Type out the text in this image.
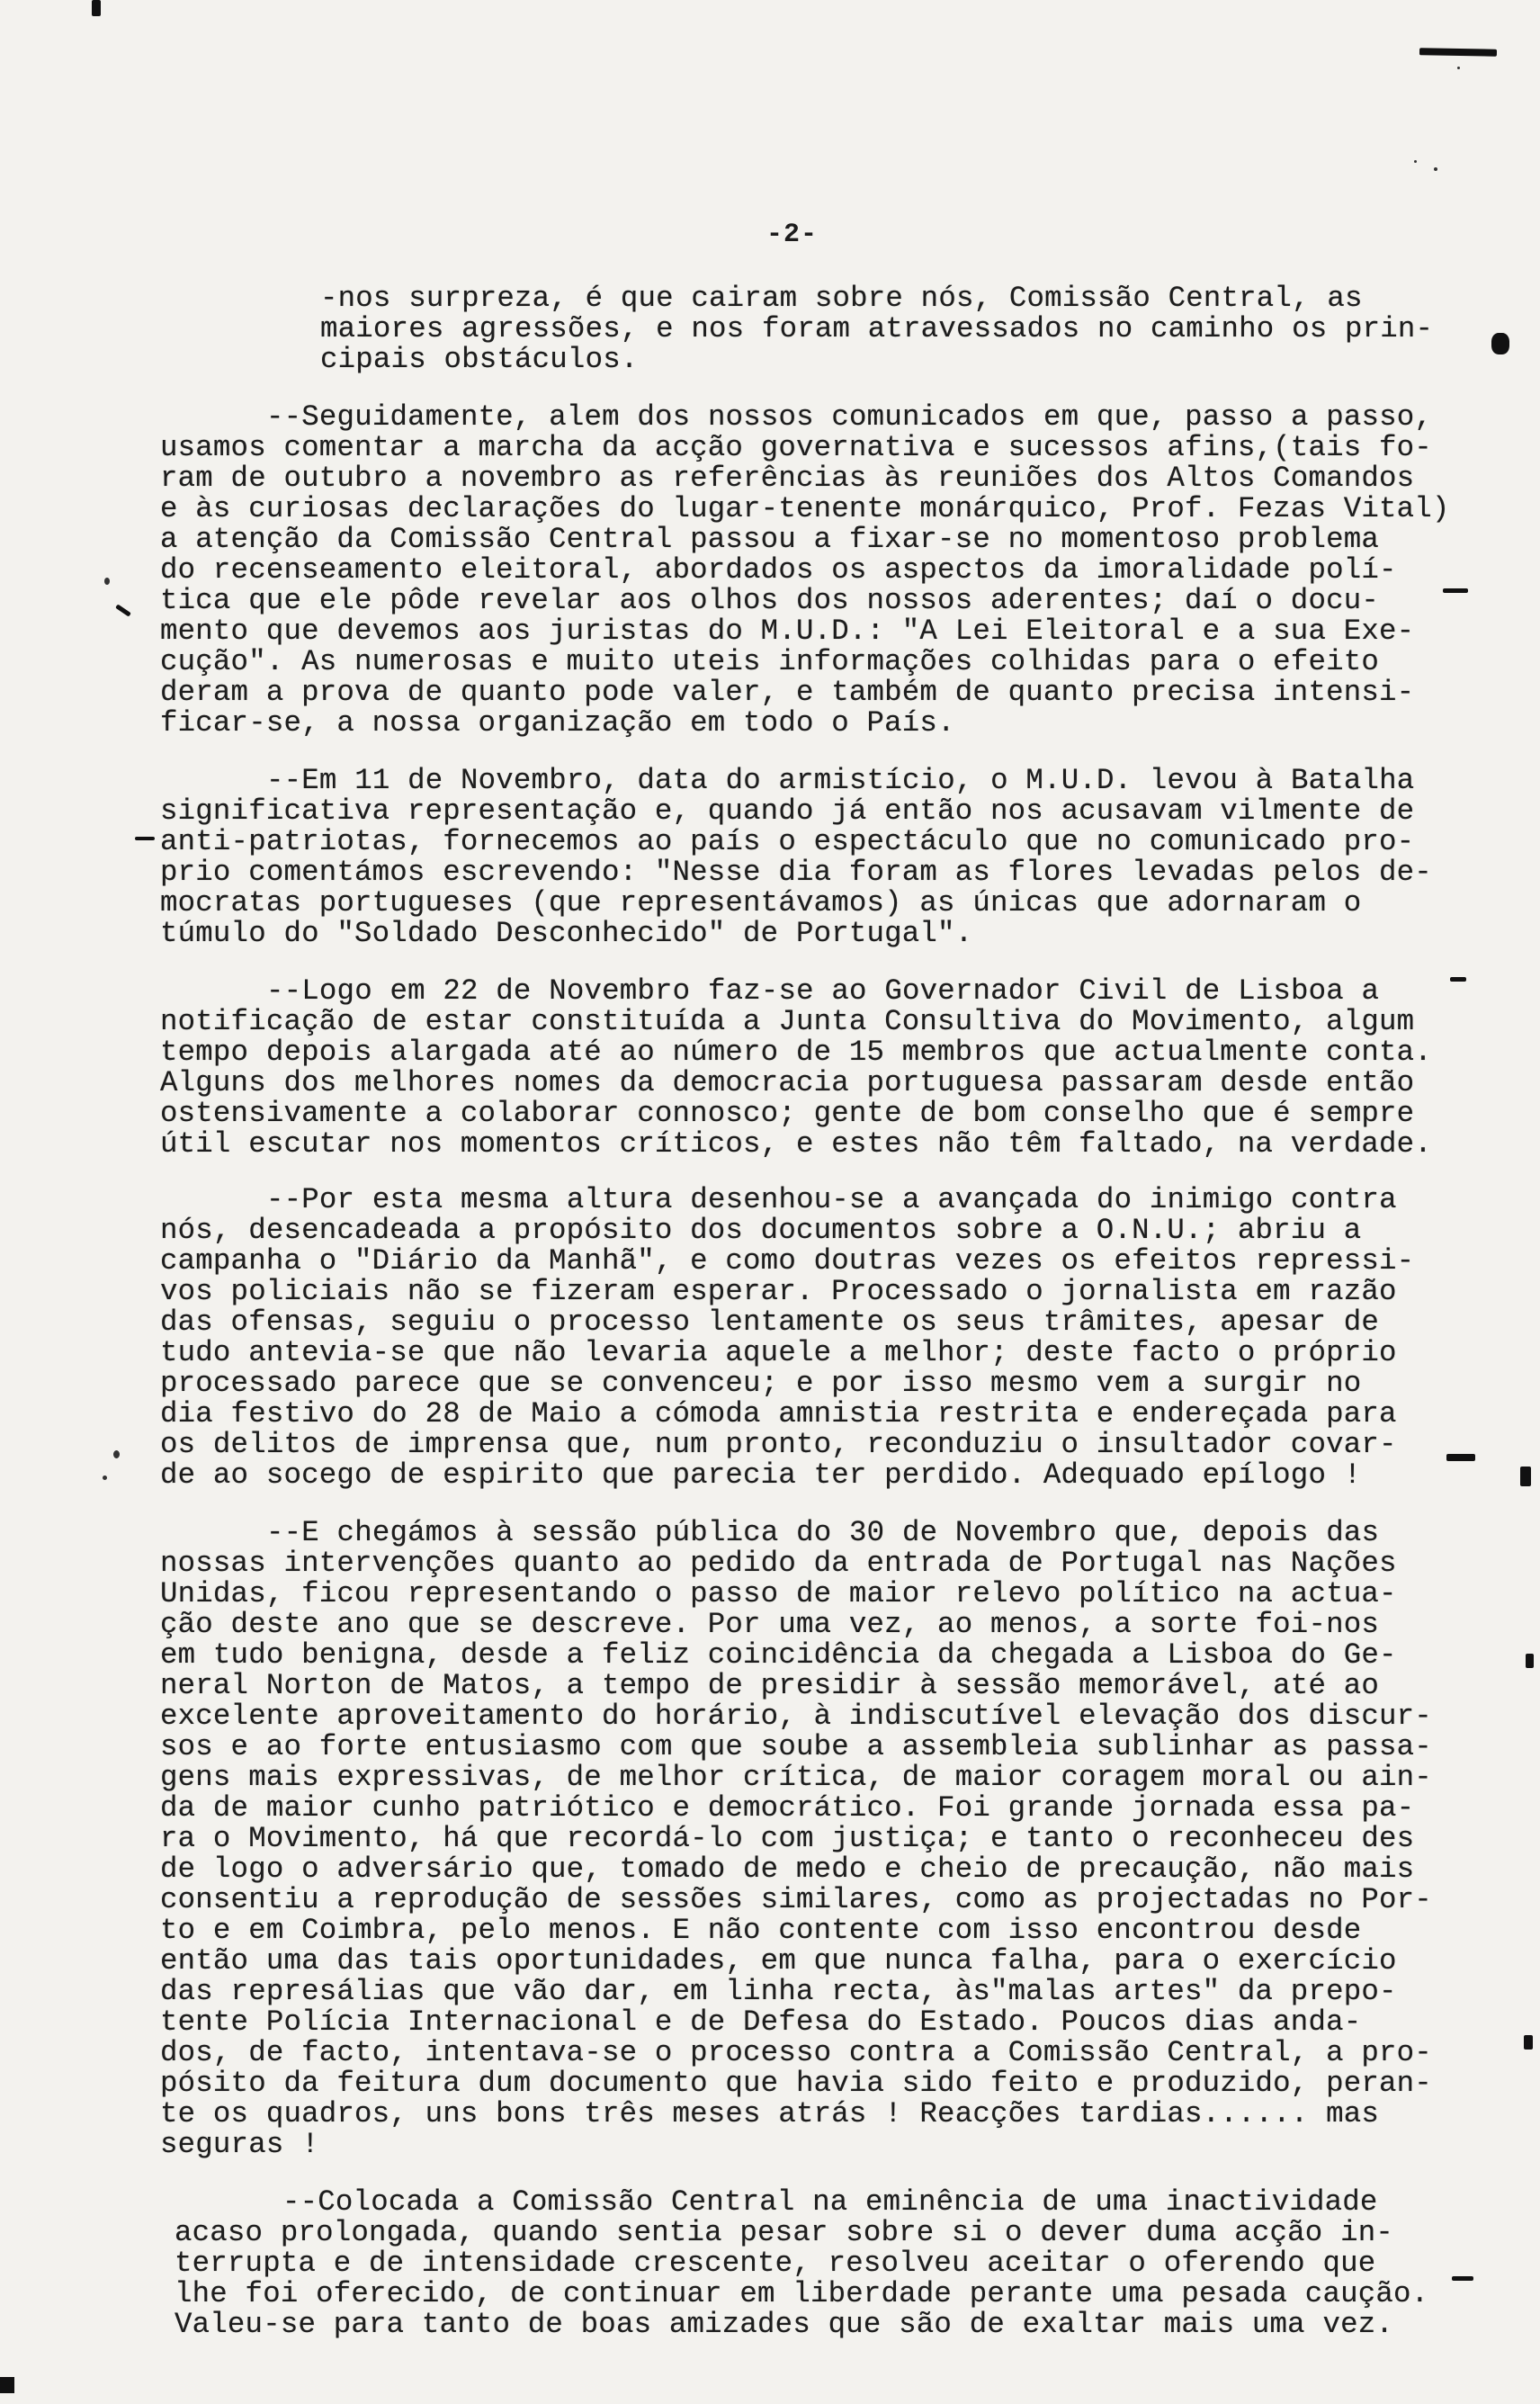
-2-
-nos surpreza, é que cairam sobre nós, Comissão Central, as
maiores agressões, e nos foram atravessados no caminho os prin-
cipais obstáculos.
--Seguidamente, alem dos nossos comunicados em que, passo a passo,
usamos comentar a marcha da acção governativa e sucessos afins,(tais fo-
ram de outubro a novembro as referências às reuniões dos Altos Comandos
e às curiosas declarações do lugar-tenente monárquico, Prof. Fezas Vital)
a atenção da Comissão Central passou a fixar-se no momentoso problema
do recenseamento eleitoral, abordados os aspectos da imoralidade polí-
tica que ele pôde revelar aos olhos dos nossos aderentes; daí o docu-
mento que devemos aos juristas do M.U.D.: "A Lei Eleitoral e a sua Exe-
cução". As numerosas e muito uteis informações colhidas para o efeito
deram a prova de quanto pode valer, e também de quanto precisa intensi-
ficar-se, a nossa organização em todo o País.
--Em 11 de Novembro, data do armistício, o M.U.D. levou à Batalha
significativa representação e, quando já então nos acusavam vilmente de
anti-patriotas, fornecemos ao país o espectáculo que no comunicado pro-
prio comentámos escrevendo: "Nesse dia foram as flores levadas pelos de-
mocratas portugueses (que representávamos) as únicas que adornaram o
túmulo do "Soldado Desconhecido" de Portugal".
--Logo em 22 de Novembro faz-se ao Governador Civil de Lisboa a
notificação de estar constituída a Junta Consultiva do Movimento, algum
tempo depois alargada até ao número de 15 membros que actualmente conta.
Alguns dos melhores nomes da democracia portuguesa passaram desde então
ostensivamente a colaborar connosco; gente de bom conselho que é sempre
útil escutar nos momentos críticos, e estes não têm faltado, na verdade.
--Por esta mesma altura desenhou-se a avançada do inimigo contra
nós, desencadeada a propósito dos documentos sobre a O.N.U.; abriu a
campanha o "Diário da Manhã", e como doutras vezes os efeitos repressi-
vos policiais não se fizeram esperar. Processado o jornalista em razão
das ofensas, seguiu o processo lentamente os seus trâmites, apesar de
tudo antevia-se que não levaria aquele a melhor; deste facto o próprio
processado parece que se convenceu; e por isso mesmo vem a surgir no
dia festivo do 28 de Maio a cómoda amnistia restrita e endereçada para
os delitos de imprensa que, num pronto, reconduziu o insultador covar-
de ao socego de espirito que parecia ter perdido. Adequado epílogo !
--E chegámos à sessão pública do 30 de Novembro que, depois das
nossas intervenções quanto ao pedido da entrada de Portugal nas Nações
Unidas, ficou representando o passo de maior relevo político na actua-
ção deste ano que se descreve. Por uma vez, ao menos, a sorte foi-nos
em tudo benigna, desde a feliz coincidência da chegada a Lisboa do Ge-
neral Norton de Matos, a tempo de presidir à sessão memorável, até ao
excelente aproveitamento do horário, à indiscutível elevação dos discur-
sos e ao forte entusiasmo com que soube a assembleia sublinhar as passa-
gens mais expressivas, de melhor crítica, de maior coragem moral ou ain-
da de maior cunho patriótico e democrático. Foi grande jornada essa pa-
ra o Movimento, há que recordá-lo com justiça; e tanto o reconheceu des
de logo o adversário que, tomado de medo e cheio de precaução, não mais
consentiu a reprodução de sessões similares, como as projectadas no Por-
to e em Coimbra, pelo menos. E não contente com isso encontrou desde
então uma das tais oportunidades, em que nunca falha, para o exercício
das represálias que vão dar, em linha recta, às"malas artes" da prepo-
tente Polícia Internacional e de Defesa do Estado. Poucos dias anda-
dos, de facto, intentava-se o processo contra a Comissão Central, a pro-
pósito da feitura dum documento que havia sido feito e produzido, peran-
te os quadros, uns bons três meses atrás ! Reacções tardias...... mas
seguras !
--Colocada a Comissão Central na eminência de uma inactividade
acaso prolongada, quando sentia pesar sobre si o dever duma acção in-
terrupta e de intensidade crescente, resolveu aceitar o oferendo que
lhe foi oferecido, de continuar em liberdade perante uma pesada caução.
Valeu-se para tanto de boas amizades que são de exaltar mais uma vez.
